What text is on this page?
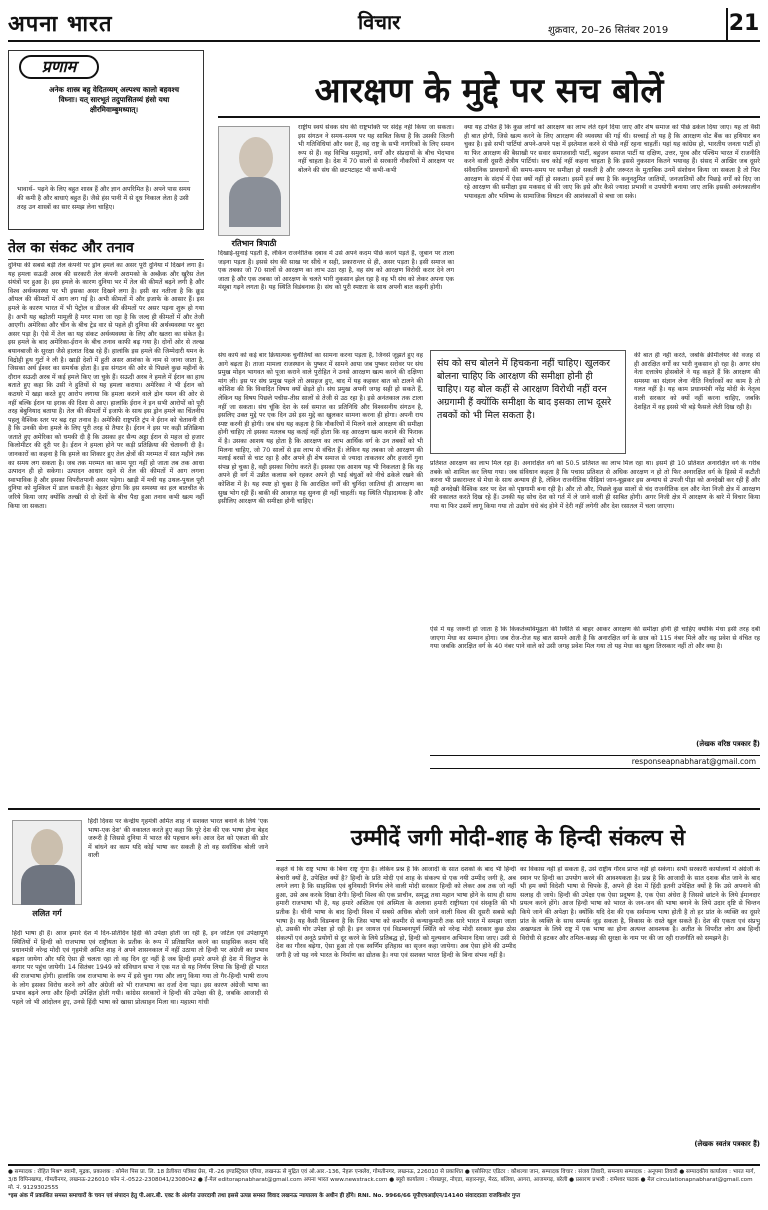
अपना भारत	विचार	शुक्रवार, 20–26 सितंबर 2019	21
प्रणाम
अनेक शास्त्र बहु वेदितव्यम् अल्पश्च कालो बहवश्च विघ्नाः। यत् सारभूतं तदुपासितव्यं हंसो यथा क्षीरमिवाम्बुमध्यात्।
भावार्थ– पढ़ने के लिए बहुत शास्त्र हैं और ज्ञान अपरिमित है। अपने पास समय की कमी है और बाधाएं बहुत हैं। जैसे हंस पानी में से दूध निकाल लेता है उसी तरह उन शास्त्रों का सार समझ लेना चाहिए।
तेल का संकट और तनाव
दुनिया की सबसे बड़ी तेल कंपनी पर ड्रोन हमले का असर पूरी दुनिया में दिखने लगा है। यह हमला सऊदी अरब की सरकारी तेल कंपनी अरामको के अब्क़ैक और खुरैस तेल संयंत्रों पर हुआ है। इस हमले के कारण दुनिया भर में तेल की कीमतें बढ़ने लगी है और विश्व अर्थव्यवस्था पर भी इसका असर दिखने लगा है। इसी का नतीजा है कि क्रूड ऑयल की कीमतों में आग लग गई है। अभी कीमतों में और इजाफे के आसार हैं। इस हमले के कारण भारत में भी पेट्रोल व डीजल की कीमतों पर असर पड़ना शुरू हो गया है। अभी यह बढ़ोतरी मामूली है मगर माना जा रहा है कि जल्द ही कीमतों में और तेजी आएगी। अमेरिका और चीन के बीच ट्रेड वार से पहले ही दुनिया की अर्थव्यवस्था पर बुरा असर पड़ा है। ऐसे में तेल का यह संकट अर्थव्यवस्था के लिए और खतरा का संकेत है। इस हमले के बाद अमेरिका-ईरान के बीच तनाव काफी बढ़ गया है। दोनों ओर से तल्ख बयानबाजी के सुरक्षा जैसे हालात दिख रहे हैं। हालांकि इस हमले की जिम्मेदारी यमन के विद्रोही हूथ गुटों ने ली है। खाड़ी देशों में हूती असर आशंका के नाम से जाना जाता है, जिसका अर्थ ईश्वर का समर्थक होता है। इस संगठन की ओर से पिछले कुछ महीनों के दौरान सऊदी अरब में कई हमले किए जा चुके हैं। सऊदी अरब ने हमले में ईरान का हाथ बताते हुए कहा कि उसी ने हुतियों से यह हमला कराया। अमेरिका ने भी ईरान को कठघरे में खड़ा करते हुए आरोप लगाया कि हमला कराने वाले द्रोन यमन की ओर से नहीं बल्कि ईरान या इराक की दिशा से आए। हालांकि ईरान ने इन सभी आरोपों को पूरी तरह बेबुनियाद बताया है। तेल की कीमतों में इजाफे के साथ इस ड्रोन हमले का चिंतनीय पहलू वैश्विक स्तर पर बढ़ रहा तनाव है। अमेरिकी राष्ट्रपति ट्रंप ने ईरान को चेतावनी दी है कि उनकी सेना हमले के लिए पूरी तरह से तैयार है। ईरान ने इस पर कड़ी प्रतिक्रिया जताते हुए अमेरिका को धमकी दी है कि उसका हर सैन्य अड्डा ईरान से महज दो हजार किलोमीटर की दूरी पर है। ईरान ने हमला होने पर कड़ी प्रतिक्रिया की चेतावनी दी है। जानकारों का कहना है कि हमले का शिकार हुए तेल क्षेत्रों की मरम्मत में सात महीने तक का समय लग सकता है। जब तक मरम्मत का काम पूरा नहीं हो जाता तब तक आधा उत्पादन ही हो सकेगा। उत्पादन आधार रहने से तेल की कीमतों में आग लगना स्वाभाविक है और इसका विपरीतपानी असर पड़ेगा। खाड़ी में मची यह उथल-पुथल पूरी दुनिया को मुश्किल में डाल सकती है। बेहतर होगा कि इस समस्या का हल बातचीत के जरिये किया जाए क्योंकि तल्खी से दो देशों के बीच पैदा हुआ तनाव कभी खत्म नहीं किया जा सकता।
आरक्षण के मुद्दे पर सच बोलें
रतिभान त्रिपाठी
राष्ट्रीय स्वयं सेवक संघ की राष्ट्रभक्ति पर संदेह नहीं किया जा सकता। इस संगठन ने समय-समय पर यह साबित किया है कि उसकी जितनी भी गतिविधियां और स्वर हैं, वह राष्ट्र के सभी नागरिकों के लिए समान रूप से हैं। वह विभिन्न समुदायों, वर्गों और संप्रदायों के बीच भेदभाव नहीं चाहता है। देश में 70 सालों से सरकारी नौकरियों में आरक्षण पर बोलने की संघ की छटपटाहट भी कभी-कभी
दिखाई-सुनाई पड़ती है, लेकिन राजनीतिक दबाव में उसे अपने कदम पीछे करने पड़ते हैं, जुबान पर ताला जड़ना पड़ता है। इससे संघ की साख पर सीधे न सही, प्रकारान्तर से ही, असर पड़ता है। इसी समाज का एक तबका जो 70 सालों से आरक्षण का लाभ उठा रहा है, वह संघ को आरक्षण विरोधी करार देने लग जाता है और एक तबका जो आरक्षण के चलते भारी नुकसान झेल रहा है वह भी संघ को लेकर अपना एक मंसूबा गढ़ने लगता है। यह स्थिति विडंबनाक है। संघ को पुरी स्पष्टता के साथ अपनी बात कहनी होगी।
क्या यह उचित है कि कुछ लोगों को आरक्षण का लाभ लेते रहने दिया जाए और शेष समाज को पीछे ढकेल दिया जाए। यह तो वैसी ही बात होगी, जिसे खत्म करने के लिए आरक्षण की व्यवस्था की गई थी। सच्चाई तो यह है कि आरक्षण वोट बैंक का हथियार बन चुका है। इसे सभी पार्टियां अपने-अपने पक्ष में इस्तेमाल करने से पीछे नहीं रहना चाहतीं। यहां यह कांग्रेस हो, भारतीय जनता पार्टी हो या फिर आरक्षण की बैसाखी पर सवार समाजवादी पार्टी, बहुजन समाज पार्टी या दक्षिण, उत्तर, पूरब और पश्चिम भारत में राजनीति करने वाली दूसरी क्षेत्रीय पार्टियां। सच कोई नहीं कहना चाहता है कि इससे नुकसान कितने भयावह हैं। संसद में आखिर जब दूसरे संवैधानिक प्रावधानों की समय-समय पर समीक्षा हो सकती है और जरूरत के मुताबिक उनमें संशोधन किया जा सकता है तो फिर आरक्षण के संदर्भ में ऐसा क्यों नहीं हो सकता। इसमें हर्ज क्या है कि कनूनतुमित जातियों, जनजातियों और पिछड़े वर्गों को दिए जा रहे आरक्षण की समीक्षा इस मकसद से की जाए कि इसे और कैसे ज्यादा प्रभावी व उपयोगी बनाया जाए ताकि इसकी अनंतकालीन भयावहता और भविष्य के सामाजिक विघटन की आशंकाओं से बचा जा सके।
संघ को सच बोलने में हिचकना नहीं चाहिए। खुलकर बोलना चाहिए कि आरक्षण की समीक्षा होनी ही चाहिए। यह बोल कहीं से आरक्षण विरोधी नहीं वरन अग्रगामी हैं क्योंकि समीक्षा के बाद इसका लाभ दूसरे तबकों को भी मिल सकता है।
संघ कार्य को कई बार क्रियात्मक चुनौतियों का सामना करना पड़ता है, जिनसे जूझते हुए वह आगे बढ़ता है। ताजा मामला राजस्थान के पुष्कर में सामने आया जब पुष्कर सरोवर पर संघ प्रमुख मोहन भागवत को पूजा कराने वाले पुरोहित ने उनसे आरक्षण खत्म करने की दक्षिणा मांग ली। इस पर संघ प्रमुख पहले तो असहज हुए, बाद में यह कहकर बात को टालने की कोशिश की कि विवादित विषय क्यों छेड़ते हो। संघ प्रमुख अपनी जगह सही हो सकते हैं, लेकिन यह विषय पिछले पचीस-तीस सालों से तेजी से उठ रहा है। इसे अनंतकाल तक टाला नहीं जा सकता। संघ चूंकि देश के सर्व समाज का प्रतिनिधि और विश्वसनीय संगठन है, इसलिए उक्त मुद्दे पर एक दिन उसे इस मुद्दे का खुलकर सामना करना ही होगा। अपनी राय स्पष्ट करनी ही होगी। जब संघ यह कहता है कि नौकरियों में मिलने वाले आरक्षण की समीक्षा होनी चाहिए तो इसका मतलब यह कतई नहीं होता कि वह आरक्षण खत्म कराने की फिराक में है। उसका आशय यह होता है कि आरक्षण का लाभ आर्थिक वर्ग के उन तबकों को भी मिलना चाहिए, जो 70 सालों से इस लाभ से वंचित हैं। लेकिन यह तबका जो आरक्षण की मलाई बरसों से चाट रहा है और अपने ही शेष समाज से ज्यादा ताकतवर और हजारों गुना संपन्न हो चुका है, वही इसका विरोध करते हैं। इसका एक आशय यह भी निकलता है कि वह अपने ही वर्ग में उन्नीत कलास बने रहकर अपने ही भाई बंधुओं को नीचे ढकेले रखने की कोशिश में है। यह स्पष्ट हो चुका है कि आरक्षित वर्गों की चुनिंदा जातियां ही आरक्षण का सुख भोग रही हैं। बाकी की आवाज़ यह सुनना ही नहीं चाहतीं। यह स्थिति पीड़ादायक है और इसीलिए आरक्षण की समीक्षा होनी चाहिए।
की बात ही नहीं करते, जबकि क्रीमीलेयर की वजह से ही आरक्षित वर्गों का भारी नुकसान हो रहा है। अगर संघ नेता दत्तात्रेय होसबोले ने यह कहते हैं कि आरक्षण की समस्या का संज्ञान लेना नीति निर्धारकों का काम है तो गलत नहीं है। यह काम प्रधानमंत्री नरेंद्र मोदी के नेतृत्व वाली सरकार को क्यों नहीं करना चाहिए, जबकि देशहित में वह इससे भी बड़े फैसले लेती दिख रही है।
प्रतिशत आरक्षण का लाभ मिल रहा है। अनारक्षित वर्ग को 50.5 प्रतिशत का लाभ मिल रहा था। इसमें ही 10 प्रतिशत अनारक्षित वर्ग के गरीब तबके को शामिल कर लिया गया। जब संविधान कहता है कि पचास प्रतिशत से अधिक आरक्षण न हो तो फिर अनारक्षित वर्ग के हिस्से में कटौती करना भी प्रकारान्तर से मेधा के साथ अन्याय ही है, लेकिन राजनीतिक पीढ़ियां जान-बूझकर इस अन्याय से उपजी पीड़ा को अनदेखी कर रही हैं और यही अनदेखी वैश्विक स्तर पर देश को पृष्ठगामी बना रही है। और तो और, पिछले कुछ सालों से चंद राजनीतिक दल और नेता निजी क्षेत्र में आरक्षण की वकालत करते दिख रहे हैं। उनकी यह सोच देश को गर्त में ले जाने वाली ही साबित होगी। अगर निजी क्षेत्र में आरक्षण के बारे में विचार किया गया या फिर उसमें लागू किया गया तो उद्योग धंधे बंद होने में देरी नहीं लगेगी और देश रसातल में चला जाएगा।
ऐसे में यह जरूरी हो जाता है कि किंकर्तव्यविमूढ़ता की स्थिति से बाहर आकर आरक्षण की समीक्षा होनी ही चाहिए क्योंकि मेधा इसी तरह दबी जाएगा मेधा का सम्मान होगा। जब रोज-रोज यह बात सामने आती है कि अनारक्षित वर्ग के छात्र को 115 नंबर मिले और वह प्रवेश से वंचित रह गया जबकि आरक्षित वर्ग के 40 नंबर पाने वाले को उसी जगह प्रवेश मिल गया तो यह मेधा का खुला तिरस्कार नहीं तो और क्या है।
(लेखक वरिष्ठ पत्रकार हैं)
responseapnabharat@gmail.com
ललित गर्ग
हिंदी दिवस पर केन्द्रीय गृहमंत्री अमित शाह ने सशक्त भारत बनाने के लिये 'एक भाषा-एक देश' की वकालत करते हुए कहा कि पूरे देश की एक भाषा होना बेहद जरूरी है जिससे दुनिया में भारत की पहचान बने। आज देश को एकता की डोर में बांधने का काम यदि कोई भाषा कर सकती है तो वह सर्वाधिक बोली जाने वाली
उम्मीदें जगी मोदी-शाह के हिन्दी संकल्प से
हिंदी भाषा ही है। आज हमारे देश में दिन-प्रतिदिन हिंदी की उपेक्षा होती जा रही है, इन जटिल एवं उपेक्षापूर्ण स्थितियों में हिन्दी को राजभाषा एवं राष्ट्रीयता के प्रतीक के रूप में प्रतिष्ठापित करने का साहसिक कदम यदि प्रधानमंत्री नरेन्द्र मोदी एवं गृहमंत्री अमित शाह ने अपने शासनकाल में नहीं उठाया तो हिन्दी पर अंग्रेजी का प्रभाव बढ़ता जायेगा और यदि ऐसा ही चलता रहा तो वह दिन दूर नहीं है जब हिन्दी हमारे अपने ही देश में विलुप्त के कगार पर पहुंच जायेगी। 14 सितंबर 1949 को संविधान सभा ने एक मत से यह निर्णय लिया कि हिन्दी ही भारत की राजभाषा होगी। हालांकि जब राजभाषा के रूप में इसे चुना गया और लागू किया गया तो गैर-हिन्दी भाषी राज्य के लोग इसका विरोध करने लगे और अंग्रेजी को भी राजभाषा का दर्जा देना पड़ा। इस कारण अंग्रेजी भाषा का प्रभाव बढ़ने लगा और हिन्दी उपेक्षित होती गयी। कांग्रेस सरकारों ने हिन्दी की उपेक्षा की है, जबकि आजादी से पहले जो भी आंदोलन हुए, उनसे हिंदी भाषा को खासा प्रोत्साहन मिला था। महात्मा गांधी
कहते थे कि राष्ट्र भाषा के बिना राष्ट्र गूंगा है। लेकिन प्रश्न है कि आजादी के सात दशकों के बाद भी हिन्दी बेचारी क्यों है, उपेक्षित क्यों है? हिन्दी के प्रति मोदी एवं शाह के संकल्प से एक नयी उम्मीद जगी है, अब लगने लगा है कि साहसिक एवं बुनियादी निर्णय लेने वाली मोदी सरकार हिन्दी को लेकर अब तक जो नहीं हुआ, उसे अब करके दिखा देगी। हिन्दी विश्व की एक प्राचीन, समृद्ध तथा महान भाषा होने के साथ ही साथ हमारी राजभाषा भी है, यह हमारे अस्तित्व एवं अस्मिता के अलावा हमारी राष्ट्रीयता एवं संस्कृति की भी प्रतीक है। चीनी भाषा के बाद हिन्दी विश्व में सबसे अधिक बोली जाने वाली विश्व की दूसरी सबसे बड़ी भाषा है। यह कैसी विडम्बना है कि जिस भाषा को कश्मीर से कन्याकुमारी तक सारे भारत में समझा जाता हो, उसकी घोर उपेक्षा हो रही है। इन जायज एवं विडम्बनापूर्ण स्थिति को नरेन्द्र मोदी सरकार कुछ ठोस संकल्पों एवं अनूठे प्रयोगों से दूर करने के लिये प्रतिबद्ध हो, हिन्दी को मूल्यवान अभिमान दिया जाए। उसी से देश का गौरव बढ़ेगा, ऐसा हुआ तो एक स्वर्णिम इतिहास का सृजन कहा जायेगा। अब ऐसा होने की उम्मीद जगी है जो यह नये भारत के निर्माण का द्योतक है। नया एवं सशक्त भारत हिन्दी के बिना संभव नहीं है।
का विकास नहीं हो सकता है, उसे राष्ट्रीय गौरव प्राप्त नहीं हो सकेगा। सभी सरकारी कार्यालयों में अंग्रेजी के स्थान पर हिन्दी का उपयोग करने की आवश्यकता है। प्रश्न है कि आजादी के सात दशक बीत जाने के बाद भी हम क्यों विदेशी भाषा से चिपके हैं, अपने ही देश में हिंदी इतनी उपेक्षित क्यों है कि उसे अपनाने की सलाह दी जाये। हिन्दी की उपेक्षा एक ऐसा प्रदूषण है, एक ऐसा अंधेरा है जिससे छांटने के लिये ईमानदार प्रयत्न करने होंगे। आज हिन्दी भाषा को भारत के जन-जन की भाषा बनाने के लिये उदार दृष्टि से चिन्तन किये जाने की अपेक्षा है। क्योंकि यदि देश की एक सर्वमान्य भाषा होती है तो हर प्रांत के व्यक्ति का दूसरे प्रांत के व्यक्ति के साथ सम्पर्क जुड़ सकता है, विकास के रास्ते खुल सकते हैं। देश की एकता एवं संप्रभु अखण्डता के लिये राष्ट्र में एक भाषा का होना अत्यन्त आवश्यक है। अतीत के विपरीत लोग अब हिन्दी विरोधी से हटकर और तमिल-कन्नड़ की सुरक्षा के नाम पर की जा रही राजनीति को समझने है।
(लेखक स्वतंत्र पत्रकार हैं)
● सम्पादक : रोहित मिश्र* स्वामी, मुद्रक, प्रकाशक : सोमेश पिस प्रा. लि. 18 डेलीयरा पत्रिका प्रेस, मी.-26 इण्डस्ट्रियल एरिया, लखनऊ से मुद्रित एवं ओ.आर.-136, नेहरू एन्क्लेव, गोमतीनगर, लखनऊ, 226010 से प्रकाशित ● एसोसिएट एडिटर : कौशल्या जान, सम्पादक विचार : संजय तिवारी, समन्वय सम्पादक : अनूपमा तिवारी ● सम्पादकीय कार्यालय : भारत मार्ग, 3/8 विपिनखण्ड, गोमतीनगर, लखनऊ-226010 फोन नं.-0522-2308041/2308042 ● ई-मेल editorapnabharat@gmail.com अपना भारत www.newstrack.com ● ब्यूरो कार्यालय : गोरखपुर, नोएडा, सहारनपुर, मेरठ, बलिया, आगरा, आजमगढ़, बरेली ● प्रसारण प्रभारी : रामेश्वर पाठक ● मेल circulationapnabharat@gmail.com मो. नं. 9129302555
*इस अंक में प्रकाशित समस्त समाचारों के चयन एवं संपादन हेतु पी.आर.बी. एक्ट के अंतर्गत उत्तरदायी तथा इससे उत्पन्न समस्त विवाद लखनऊ न्यायालय के अधीन ही होंगे। RNI. No. 9966/66 यूपीएचआईएन/14140 संवाददाताः राजकिशोर गुप्त
